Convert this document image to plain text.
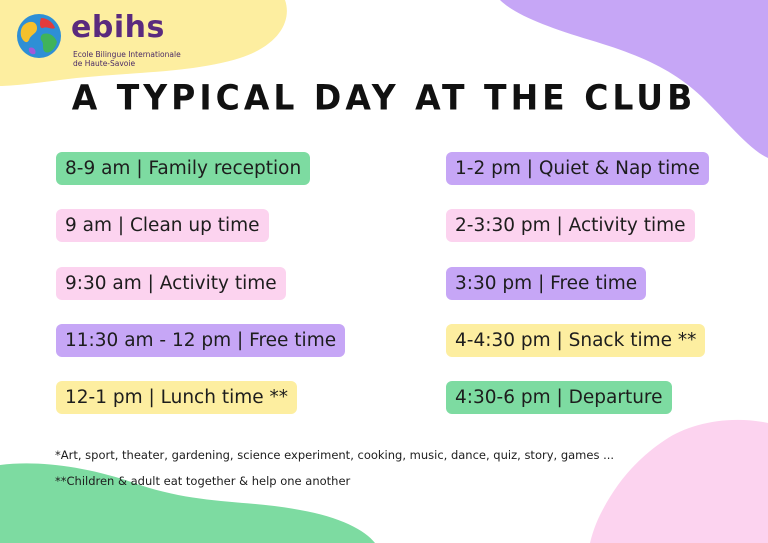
ebihs
Ecole Bilingue Internationale
de Haute-Savoie
A TYPICAL DAY AT THE CLUB
8-9 am | Family reception
9 am | Clean up time
9:30 am | Activity time
11:30 am - 12 pm | Free time
12-1 pm | Lunch time **
1-2 pm | Quiet & Nap time
2-3:30 pm | Activity time
3:30 pm | Free time
4-4:30 pm | Snack time **
4:30-6 pm | Departure
*Art, sport, theater, gardening, science experiment, cooking, music, dance, quiz, story, games ...
**Children & adult eat together & help one another
